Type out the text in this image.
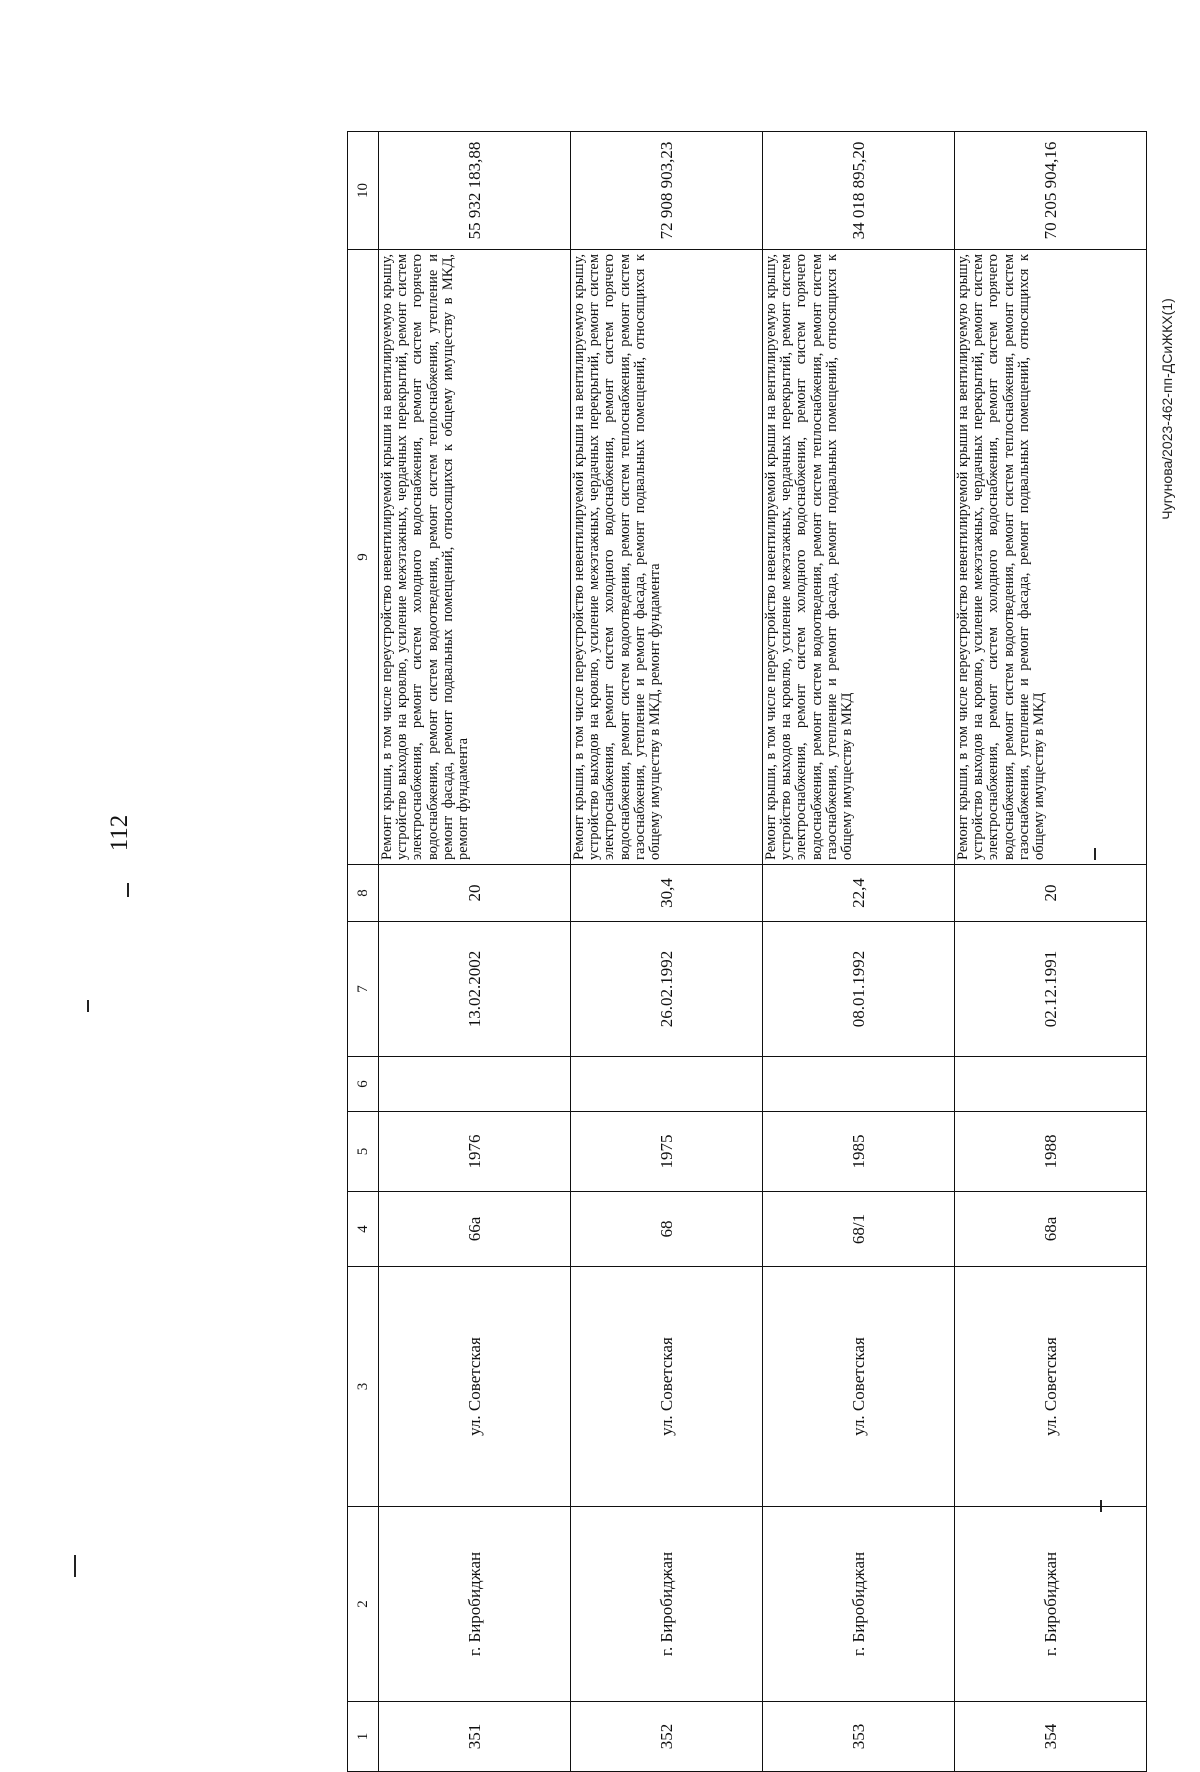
112
Чугунова/2023-462-пп-ДСиЖКХ(1)
1	2	3	4	5	6	7	8	9	10
351	г. Биробиджан	ул. Советская	66а	1976		13.02.2002	20	Ремонт крыши, в том числе переустройство невентилируемой крыши на вентилируемую крышу, устройство выходов на кровлю, усиление межэтажных, чердачных перекрытий, ремонт систем электроснабжения, ремонт систем холодного водоснабжения, ремонт систем горячего водоснабжения, ремонт систем водоотведения, ремонт систем теплоснабжения, утепление и ремонт фасада, ремонт подвальных помещений, относящихся к общему имуществу в МКД, ремонт фундамента	55 932 183,88
352	г. Биробиджан	ул. Советская	68	1975		26.02.1992	30,4	Ремонт крыши, в том числе переустройство невентилируемой крыши на вентилируемую крышу, устройство выходов на кровлю, усиление межэтажных, чердачных перекрытий, ремонт систем электроснабжения, ремонт систем холодного водоснабжения, ремонт систем горячего водоснабжения, ремонт систем водоотведения, ремонт систем теплоснабжения, ремонт систем газоснабжения, утепление и ремонт фасада, ремонт подвальных помещений, относящихся к общему имуществу в МКД, ремонт фундамента	72 908 903,23
353	г. Биробиджан	ул. Советская	68/1	1985		08.01.1992	22,4	Ремонт крыши, в том числе переустройство невентилируемой крыши на вентилируемую крышу, устройство выходов на кровлю, усиление межэтажных, чердачных перекрытий, ремонт систем электроснабжения, ремонт систем холодного водоснабжения, ремонт систем горячего водоснабжения, ремонт систем водоотведения, ремонт систем теплоснабжения, ремонт систем газоснабжения, утепление и ремонт фасада, ремонт подвальных помещений, относящихся к общему имуществу в МКД	34 018 895,20
354	г. Биробиджан	ул. Советская	68а	1988		02.12.1991	20	Ремонт крыши, в том числе переустройство невентилируемой крыши на вентилируемую крышу, устройство выходов на кровлю, усиление межэтажных, чердачных перекрытий, ремонт систем электроснабжения, ремонт систем холодного водоснабжения, ремонт систем горячего водоснабжения, ремонт систем водоотведения, ремонт систем теплоснабжения, ремонт систем газоснабжения, утепление и ремонт фасада, ремонт подвальных помещений, относящихся к общему имуществу в МКД	70 205 904,16
